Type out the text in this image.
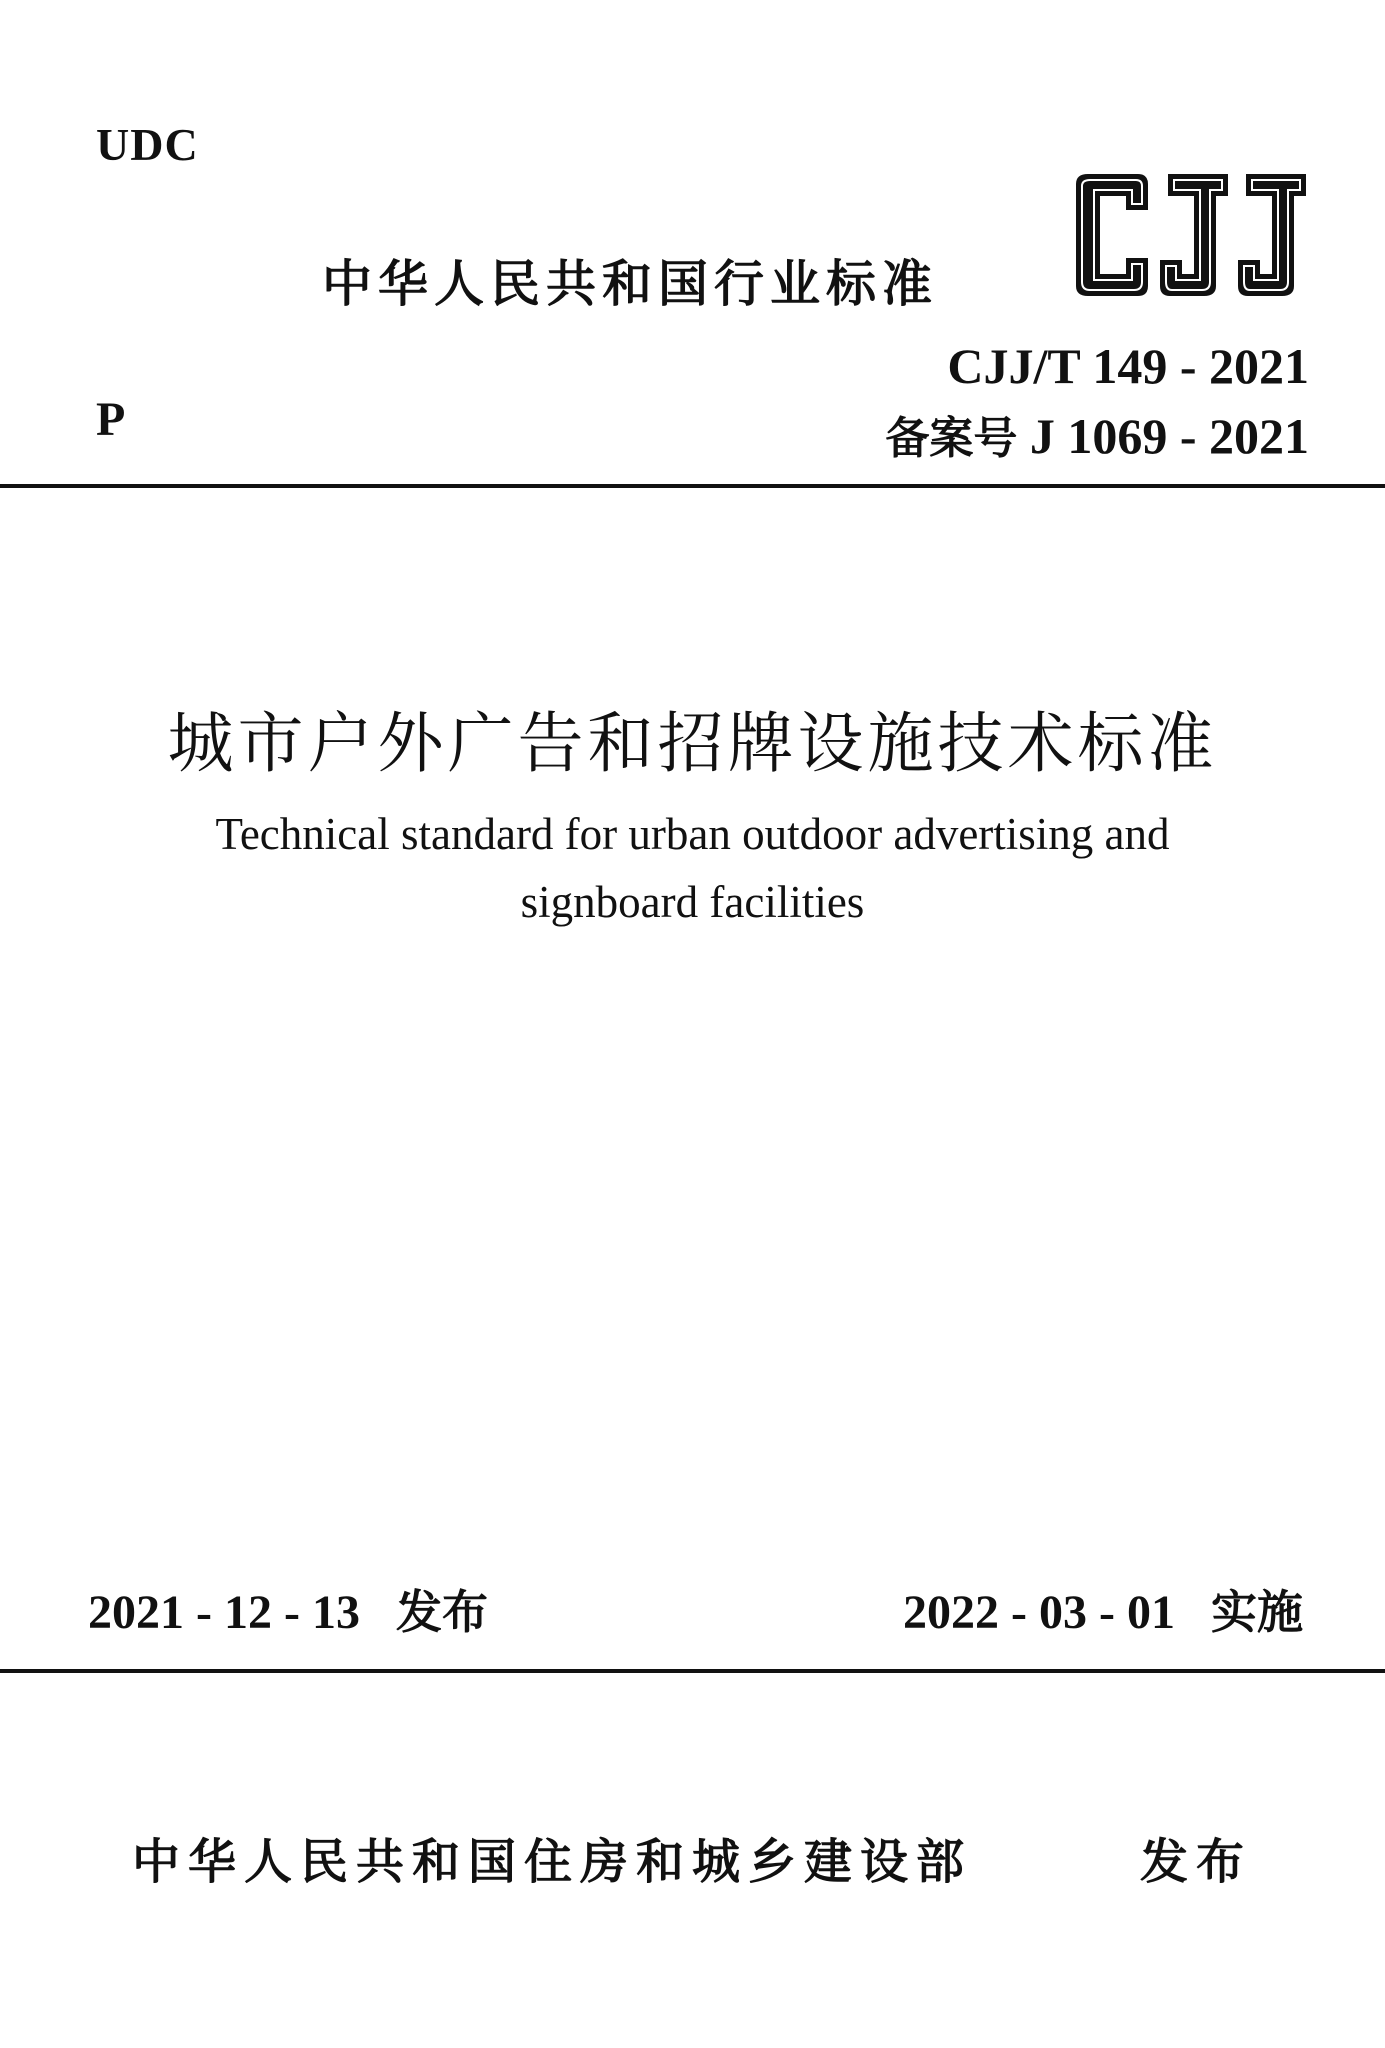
UDC
中华人民共和国行业标准
CJJ/T 149 - 2021
备案号 J 1069 - 2021
P
城市户外广告和招牌设施技术标准
Technical standard for urban outdoor advertising and
signboard facilities
2021 - 12 - 13 发布	2022 - 03 - 01 实施
中华人民共和国住房和城乡建设部	发布
